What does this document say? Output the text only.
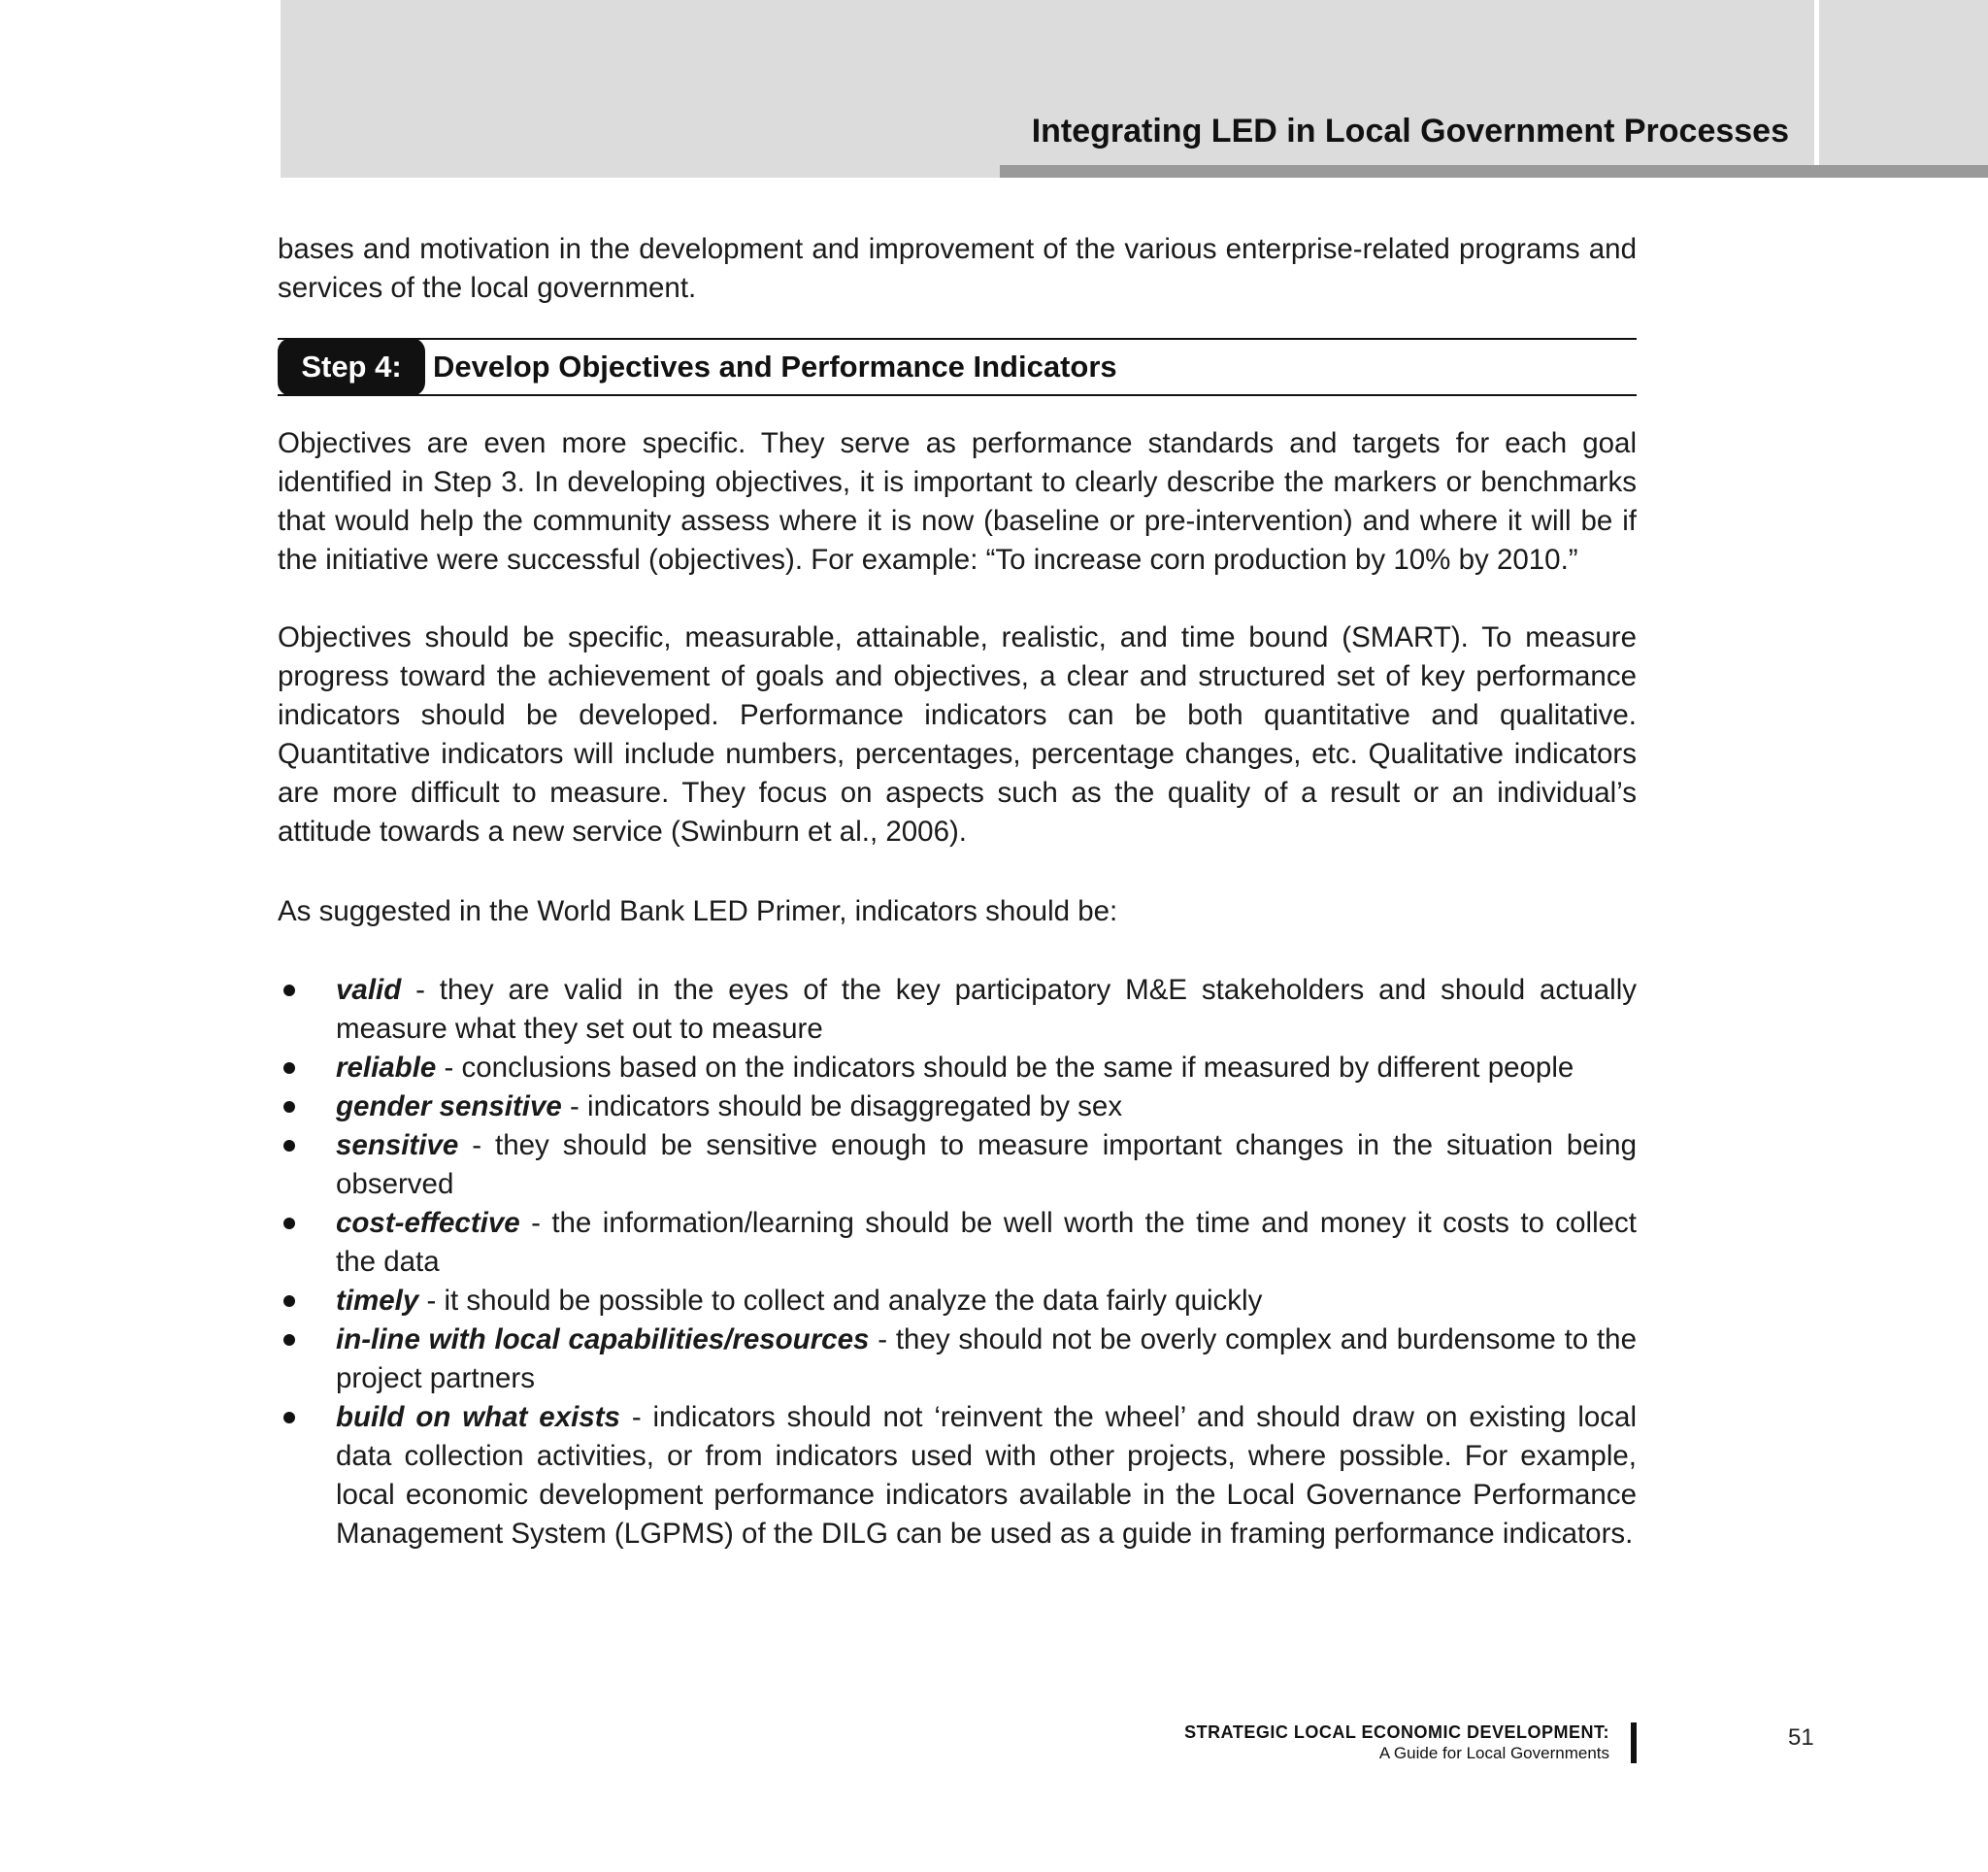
Integrating LED in Local Government Processes

bases and motivation in the development and improvement of the various enterprise-related programs and services of the local government.

Step 4:	Develop Objectives and Performance Indicators

Objectives are even more specific. They serve as performance standards and targets for each goal identified in Step 3. In developing objectives, it is important to clearly describe the markers or benchmarks that would help the community assess where it is now (baseline or pre-intervention) and where it will be if the initiative were successful (objectives). For example: “To increase corn production by 10% by 2010.”

Objectives should be specific, measurable, attainable, realistic, and time bound (SMART). To measure progress toward the achievement of goals and objectives, a clear and structured set of key performance indicators should be developed. Performance indicators can be both quantitative and qualitative. Quantitative indicators will include numbers, percentages, percentage changes, etc. Qualitative indicators are more difficult to measure. They focus on aspects such as the quality of a result or an individual’s attitude towards a new service (Swinburn et al., 2006).

As suggested in the World Bank LED Primer, indicators should be:

valid - they are valid in the eyes of the key participatory M&E stakeholders and should actually measure what they set out to measure
reliable - conclusions based on the indicators should be the same if measured by different people
gender sensitive - indicators should be disaggregated by sex
sensitive - they should be sensitive enough to measure important changes in the situation being observed
cost-effective - the information/learning should be well worth the time and money it costs to collect the data
timely - it should be possible to collect and analyze the data fairly quickly
in-line with local capabilities/resources - they should not be overly complex and burdensome to the project partners
build on what exists - indicators should not ‘reinvent the wheel’ and should draw on existing local data collection activities, or from indicators used with other projects, where possible. For example, local economic development performance indicators available in the Local Governance Performance Management System (LGPMS) of the DILG can be used as a guide in framing performance indicators.
STRATEGIC LOCAL ECONOMIC DEVELOPMENT:
A Guide for Local Governments
51
